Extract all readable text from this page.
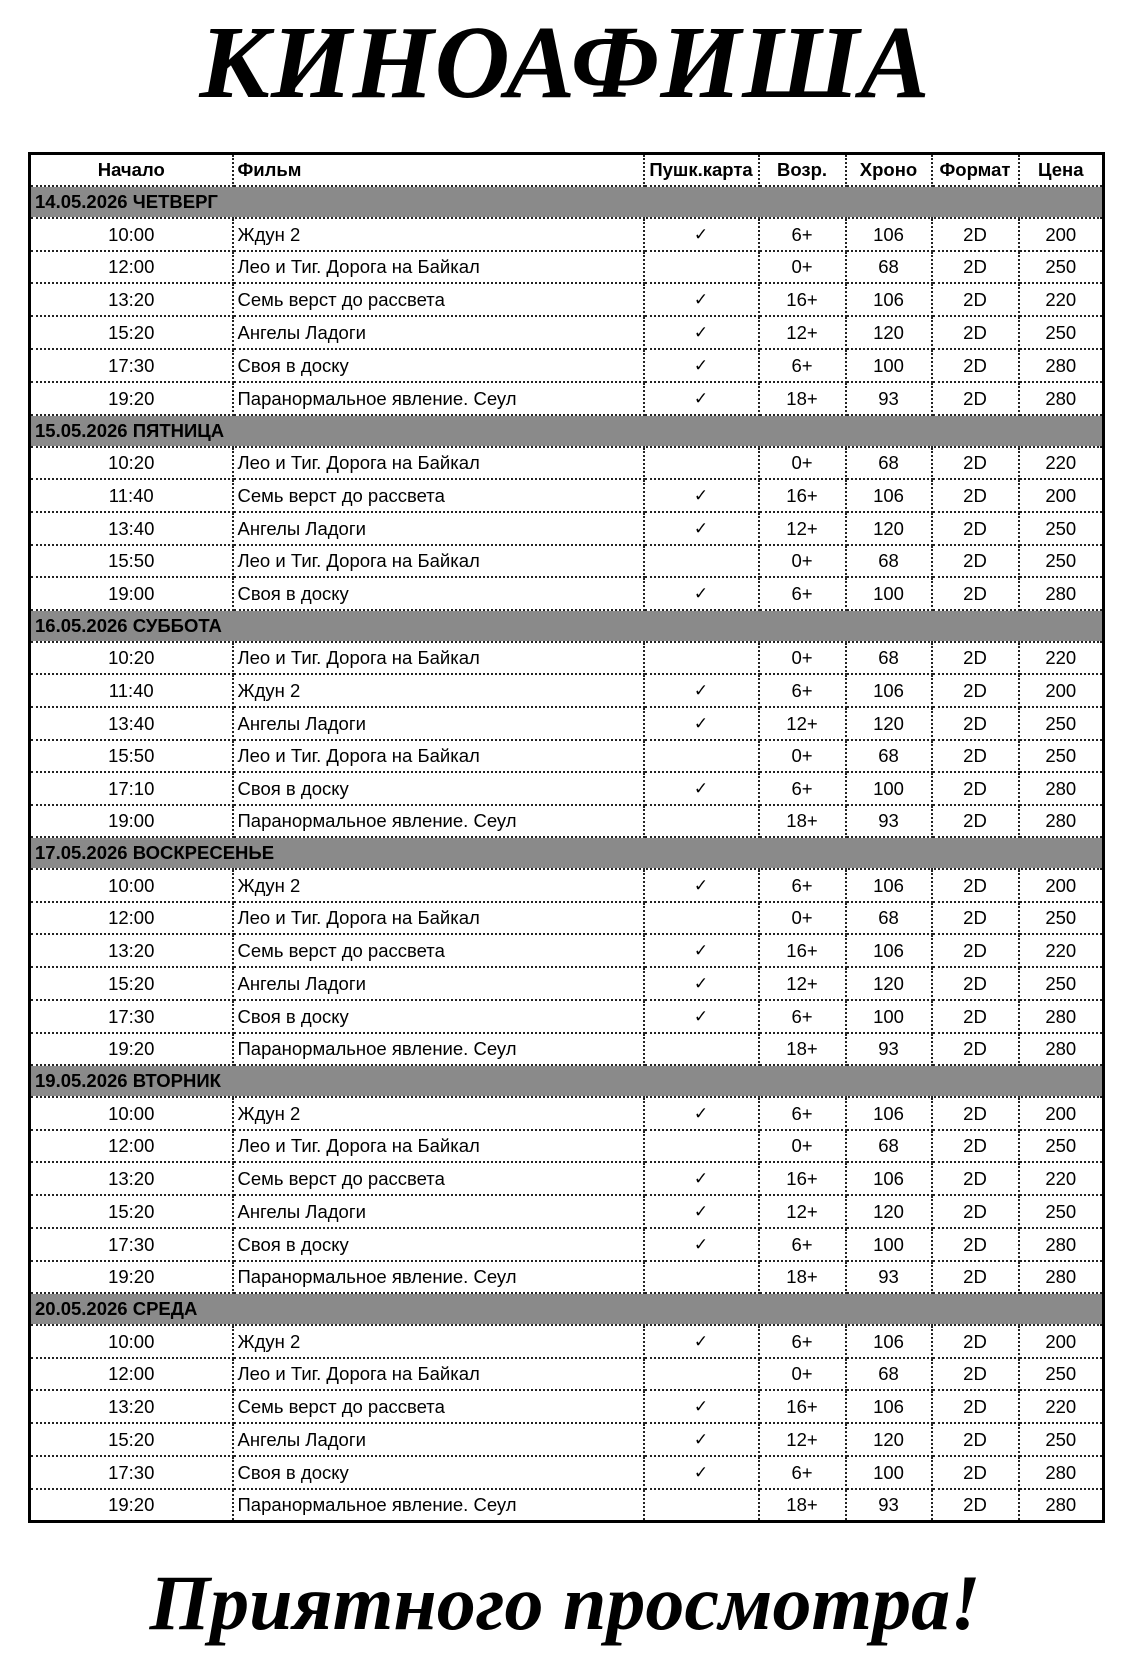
КИНОАФИША
Начало	Фильм	Пушк.карта	Возр.	Хроно	Формат	Цена
14.05.2026 ЧЕТВЕРГ						
10:00	Ждун 2	✓	6+	106	2D	200
12:00	Лео и Тиг. Дорога на Байкал		0+	68	2D	250
13:20	Семь верст до рассвета	✓	16+	106	2D	220
15:20	Ангелы Ладоги	✓	12+	120	2D	250
17:30	Своя в доску	✓	6+	100	2D	280
19:20	Паранормальное явление. Сеул	✓	18+	93	2D	280
15.05.2026 ПЯТНИЦА						
10:20	Лео и Тиг. Дорога на Байкал		0+	68	2D	220
11:40	Семь верст до рассвета	✓	16+	106	2D	200
13:40	Ангелы Ладоги	✓	12+	120	2D	250
15:50	Лео и Тиг. Дорога на Байкал		0+	68	2D	250
19:00	Своя в доску	✓	6+	100	2D	280
16.05.2026 СУББОТА						
10:20	Лео и Тиг. Дорога на Байкал		0+	68	2D	220
11:40	Ждун 2	✓	6+	106	2D	200
13:40	Ангелы Ладоги	✓	12+	120	2D	250
15:50	Лео и Тиг. Дорога на Байкал		0+	68	2D	250
17:10	Своя в доску	✓	6+	100	2D	280
19:00	Паранормальное явление. Сеул		18+	93	2D	280
17.05.2026 ВОСКРЕСЕНЬЕ						
10:00	Ждун 2	✓	6+	106	2D	200
12:00	Лео и Тиг. Дорога на Байкал		0+	68	2D	250
13:20	Семь верст до рассвета	✓	16+	106	2D	220
15:20	Ангелы Ладоги	✓	12+	120	2D	250
17:30	Своя в доску	✓	6+	100	2D	280
19:20	Паранормальное явление. Сеул		18+	93	2D	280
19.05.2026 ВТОРНИК						
10:00	Ждун 2	✓	6+	106	2D	200
12:00	Лео и Тиг. Дорога на Байкал		0+	68	2D	250
13:20	Семь верст до рассвета	✓	16+	106	2D	220
15:20	Ангелы Ладоги	✓	12+	120	2D	250
17:30	Своя в доску	✓	6+	100	2D	280
19:20	Паранормальное явление. Сеул		18+	93	2D	280
20.05.2026 СРЕДА						
10:00	Ждун 2	✓	6+	106	2D	200
12:00	Лео и Тиг. Дорога на Байкал		0+	68	2D	250
13:20	Семь верст до рассвета	✓	16+	106	2D	220
15:20	Ангелы Ладоги	✓	12+	120	2D	250
17:30	Своя в доску	✓	6+	100	2D	280
19:20	Паранормальное явление. Сеул		18+	93	2D	280
Приятного просмотра!
